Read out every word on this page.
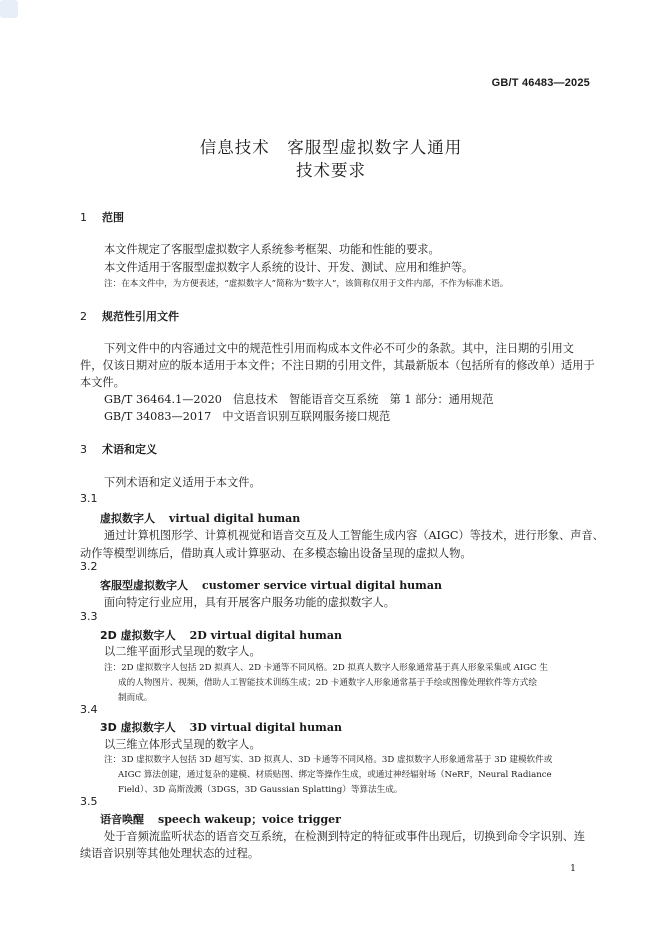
GB/T 46483—2025
信息技术　客服型虚拟数字人通用
技术要求
1 范围
本文件规定了客服型虚拟数字人系统参考框架、功能和性能的要求。
本文件适用于客服型虚拟数字人系统的设计、开发、测试、应用和维护等。
注：在本文件中，为方便表述，“虚拟数字人”简称为“数字人”，该简称仅用于文件内部，不作为标准术语。
2 规范性引用文件
下列文件中的内容通过文中的规范性引用而构成本文件必不可少的条款。其中，注日期的引用文
件，仅该日期对应的版本适用于本文件；不注日期的引用文件，其最新版本（包括所有的修改单）适用于
本文件。
GB/T 36464.1—2020　信息技术　智能语音交互系统　第 1 部分：通用规范
GB/T 34083—2017　中文语音识别互联网服务接口规范
3 术语和定义
下列术语和定义适用于本文件。
3.1
虚拟数字人 virtual digital human
通过计算机图形学、计算机视觉和语音交互及人工智能生成内容（AIGC）等技术，进行形象、声音、
动作等模型训练后，借助真人或计算驱动、在多模态输出设备呈现的虚拟人物。
3.2
客服型虚拟数字人 customer service virtual digital human
面向特定行业应用，具有开展客户服务功能的虚拟数字人。
3.3
2D 虚拟数字人 2D virtual digital human
以二维平面形式呈现的数字人。
注：2D 虚拟数字人包括 2D 拟真人、2D 卡通等不同风格。2D 拟真人数字人形象通常基于真人形象采集或 AIGC 生
成的人物图片、视频，借助人工智能技术训练生成；2D 卡通数字人形象通常基于手绘或图像处理软件等方式绘
制而成。
3.4
3D 虚拟数字人 3D virtual digital human
以三维立体形式呈现的数字人。
注：3D 虚拟数字人包括 3D 超写实、3D 拟真人、3D 卡通等不同风格。3D 虚拟数字人形象通常基于 3D 建模软件或
AIGC 算法创建，通过复杂的建模、材质贴图、绑定等操作生成，或通过神经辐射场（NeRF，Neural Radiance
Field）、3D 高斯泼溅（3DGS，3D Gaussian Splatting）等算法生成。
3.5
语音唤醒 speech wakeup；voice trigger
处于音频流监听状态的语音交互系统，在检测到特定的特征或事件出现后，切换到命令字识别、连
续语音识别等其他处理状态的过程。
1
